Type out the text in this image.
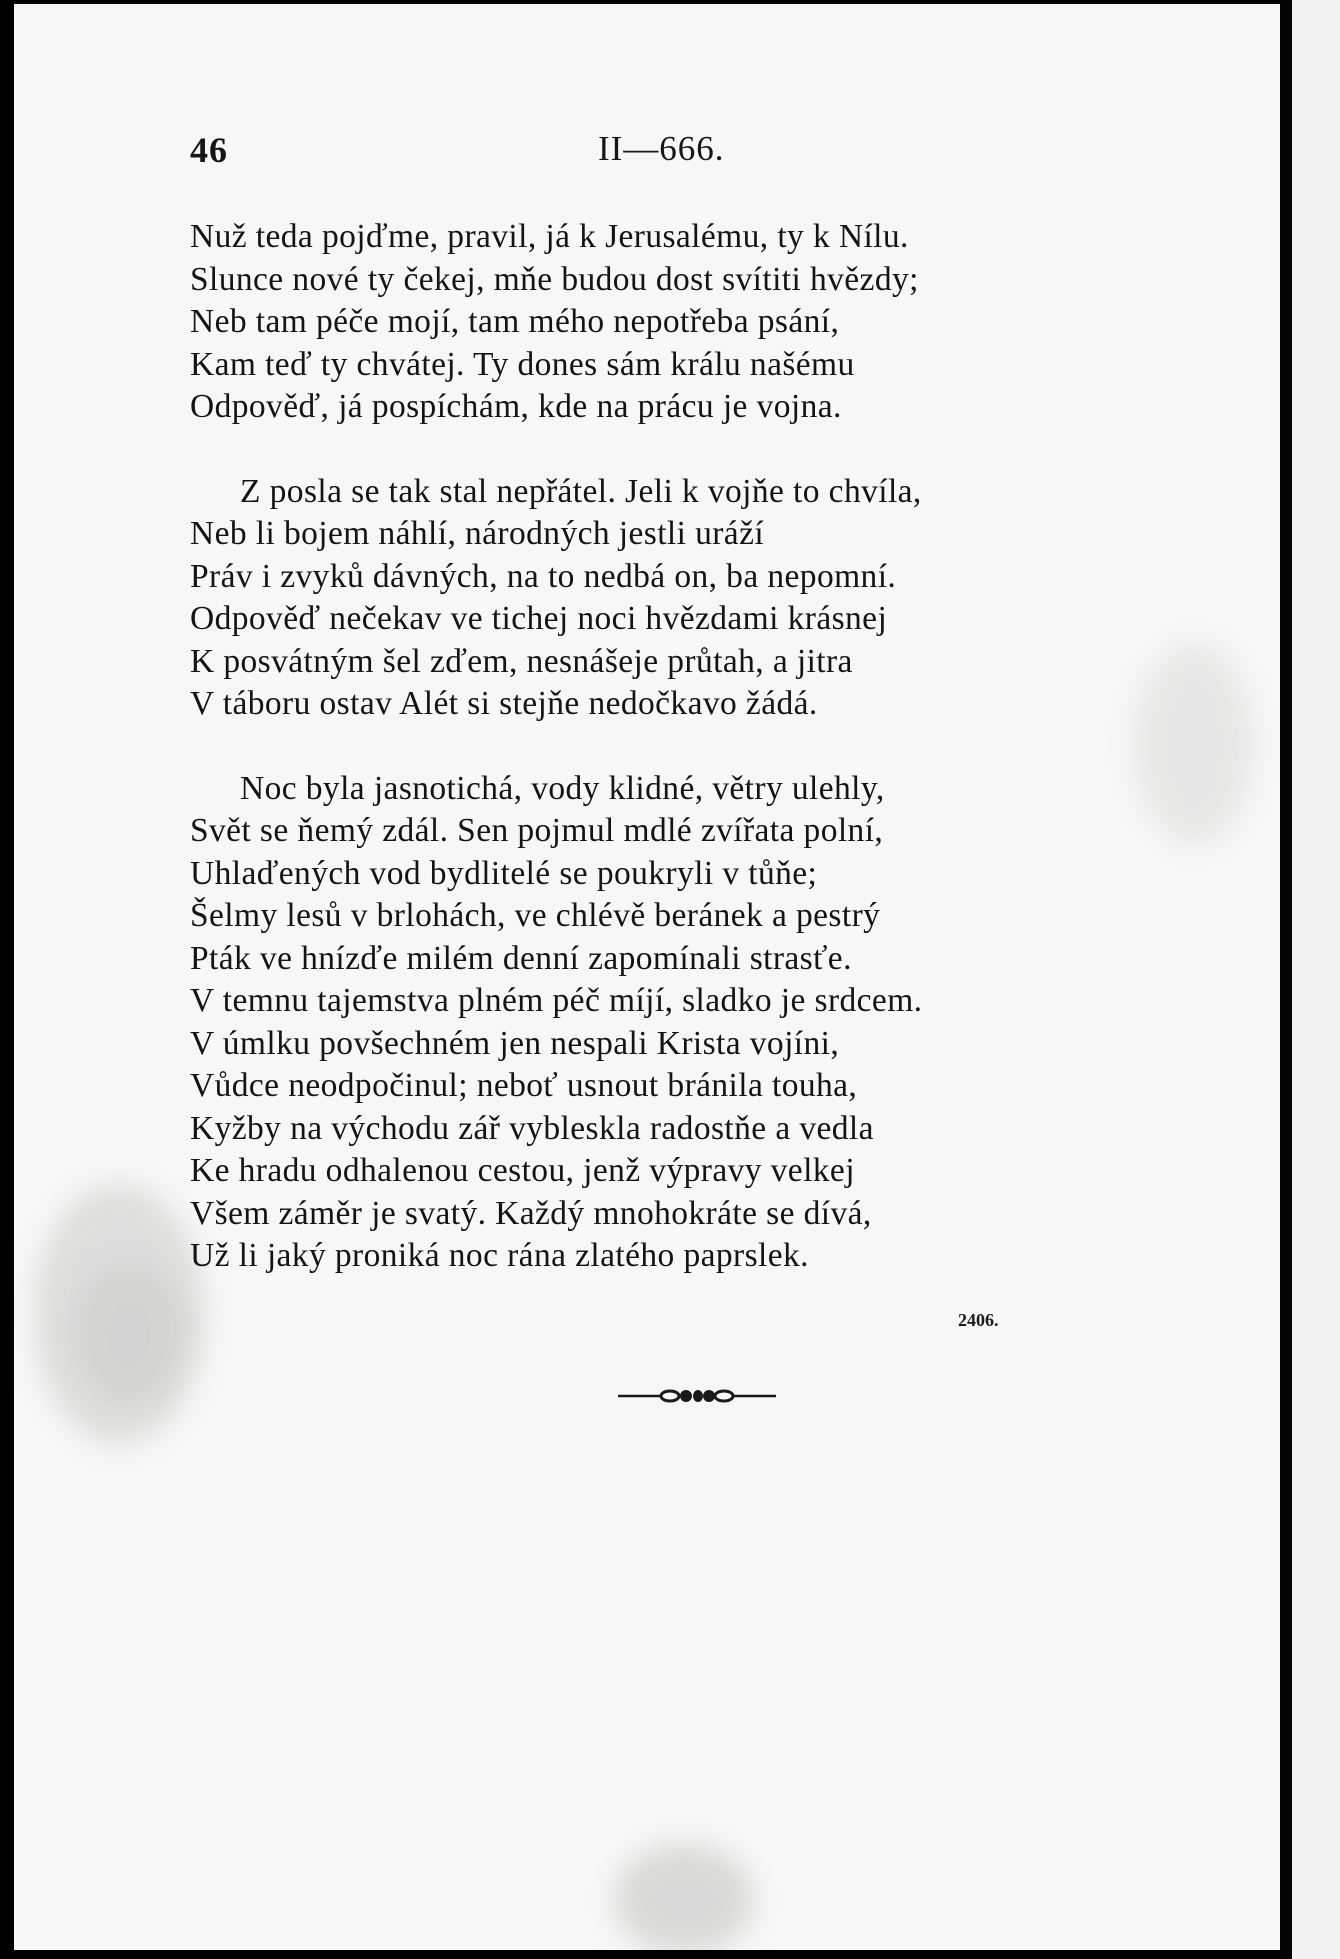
46	II—666.
Nuž teda pojďme, pravil, já k Jerusalému, ty k Nílu.
Slunce nové ty čekej, mňe budou dost svítiti hvězdy;
Neb tam péče mojí, tam mého nepotřeba psání,
Kam teď ty chvátej. Ty dones sám králu našému
Odpověď, já pospíchám, kde na prácu je vojna.
Z posla se tak stal nepřátel. Jeli k vojňe to chvíla,
Neb li bojem náhlí, národných jestli uráží
Práv i zvyků dávných, na to nedbá on, ba nepomní.
Odpověď nečekav ve tichej noci hvězdami krásnej
K posvátným šel zďem, nesnášeje průtah, a jitra
V táboru ostav Alét si stejňe nedočkavo žádá.
Noc byla jasnotichá, vody klidné, větry ulehly,
Svět se ňemý zdál. Sen pojmul mdlé zvířata polní,
Uhlaďených vod bydlitelé se poukryli v tůňe;
Šelmy lesů v brlohách, ve chlévě beránek a pestrý
Pták ve hnízďe milém denní zapomínali strasťe.
V temnu tajemstva plném péč míjí, sladko je srdcem.
V úmlku povšechném jen nespali Krista vojíni,
Vůdce neodpočinul; neboť usnout bránila touha,
Kyžby na východu zář vybleskla radostňe a vedla
Ke hradu odhalenou cestou, jenž výpravy velkej
Všem záměr je svatý. Každý mnohokráte se dívá,
Už li jaký proniká noc rána zlatého paprslek.
2406.
